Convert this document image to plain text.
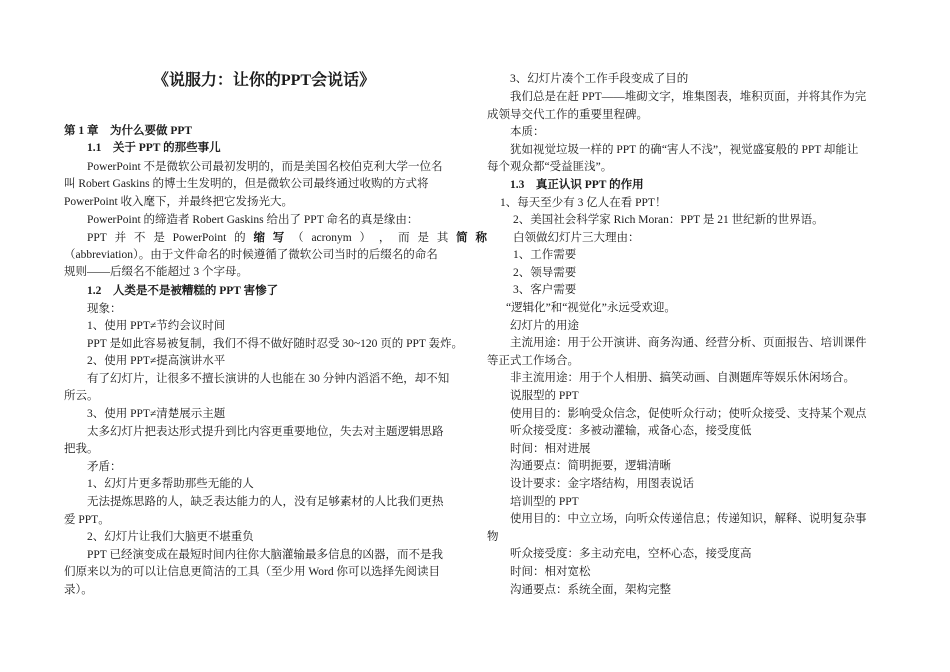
《说服力：让你的PPT会说话》
第 1 章　为什么要做 PPT
1.1　关于 PPT 的那些事儿
PowerPoint 不是微软公司最初发明的，而是美国名校伯克利大学一位名
叫 Robert Gaskins 的博士生发明的，但是微软公司最终通过收购的方式将
PowerPoint 收入麾下，并最终把它发扬光大。
PowerPoint 的缔造者 Robert Gaskins 给出了 PPT 命名的真是缘由：
PPT 并 不 是 PowerPoint 的 缩 写 （ acronym ） ， 而 是 其 简 称
（abbreviation）。由于文件命名的时候遵循了微软公司当时的后缀名的命名
规则——后缀名不能超过 3 个字母。
1.2　人类是不是被糟糕的 PPT 害惨了
现象：
1、使用 PPT≠节约会议时间
PPT 是如此容易被复制，我们不得不做好随时忍受 30~120 页的 PPT 轰炸。
2、使用 PPT≠提高演讲水平
有了幻灯片，让很多不擅长演讲的人也能在 30 分钟内滔滔不绝，却不知
所云。
3、使用 PPT≠清楚展示主题
太多幻灯片把表达形式提升到比内容更重要地位，失去对主题逻辑思路
把我。
矛盾：
1、幻灯片更多帮助那些无能的人
无法提炼思路的人，缺乏表达能力的人，没有足够素材的人比我们更热
爱 PPT。
2、幻灯片让我们大脑更不堪重负
PPT 已经演变成在最短时间内往你大脑灌输最多信息的凶器，而不是我
们原来以为的可以让信息更简洁的工具（至少用 Word 你可以选择先阅读目
录）。
3、幻灯片凑个工作手段变成了目的
我们总是在赶 PPT——堆砌文字，堆集图表，堆积页面，并将其作为完
成领导交代工作的重要里程碑。
本质：
犹如视觉垃圾一样的 PPT 的确“害人不浅”，视觉盛宴般的 PPT 却能让
每个观众都“受益匪浅”。
1.3　真正认识 PPT 的作用
1、每天至少有 3 亿人在看 PPT！
2、美国社会科学家 Rich Moran：PPT 是 21 世纪新的世界语。
白领做幻灯片三大理由：
1、工作需要
2、领导需要
3、客户需要
“逻辑化”和“视觉化”永远受欢迎。
幻灯片的用途
主流用途：用于公开演讲、商务沟通、经营分析、页面报告、培训课件
等正式工作场合。
非主流用途：用于个人相册、搞笑动画、自测题库等娱乐休闲场合。
说服型的 PPT
使用目的：影响受众信念，促使听众行动；使听众接受、支持某个观点
听众接受度：多被动灌输，戒备心态，接受度低
时间：相对进展
沟通要点：简明扼要，逻辑清晰
设计要求：金字塔结构，用图表说话
培训型的 PPT
使用目的：中立立场，向听众传递信息；传递知识，解释、说明复杂事
物
听众接受度：多主动充电，空杯心态，接受度高
时间：相对宽松
沟通要点：系统全面，架构完整
